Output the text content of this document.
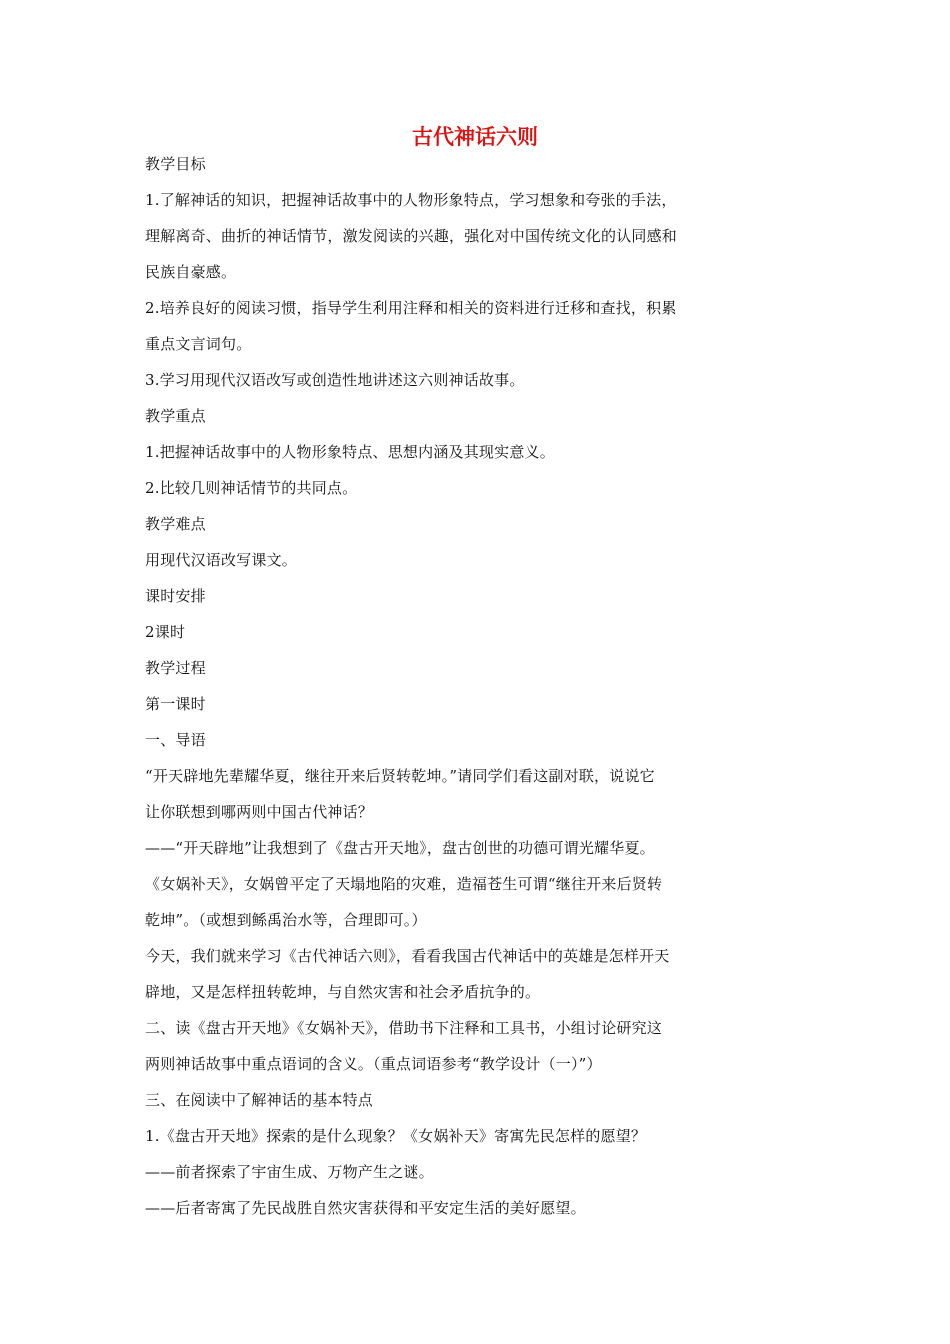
古代神话六则
教学目标
1.了解神话的知识，把握神话故事中的人物形象特点，学习想象和夸张的手法，
理解离奇、曲折的神话情节，激发阅读的兴趣，强化对中国传统文化的认同感和
民族自豪感。
2.培养良好的阅读习惯，指导学生利用注释和相关的资料进行迁移和查找，积累
重点文言词句。
3.学习用现代汉语改写或创造性地讲述这六则神话故事。
教学重点
1.把握神话故事中的人物形象特点、思想内涵及其现实意义。
2.比较几则神话情节的共同点。
教学难点
用现代汉语改写课文。
课时安排
2课时
教学过程
第一课时
一、导语
“开天辟地先辈耀华夏，继往开来后贤转乾坤。”请同学们看这副对联，说说它
让你联想到哪两则中国古代神话？
——“开天辟地”让我想到了《盘古开天地》，盘古创世的功德可谓光耀华夏。
《女娲补天》，女娲曾平定了天塌地陷的灾难，造福苍生可谓“继往开来后贤转
乾坤”。（或想到鲧禹治水等，合理即可。）
今天，我们就来学习《古代神话六则》，看看我国古代神话中的英雄是怎样开天
辟地，又是怎样扭转乾坤，与自然灾害和社会矛盾抗争的。
二、读《盘古开天地》《女娲补天》，借助书下注释和工具书，小组讨论研究这
两则神话故事中重点语词的含义。（重点词语参考“教学设计（一）”）
三、在阅读中了解神话的基本特点
1.《盘古开天地》探索的是什么现象？《女娲补天》寄寓先民怎样的愿望？
——前者探索了宇宙生成、万物产生之谜。
——后者寄寓了先民战胜自然灾害获得和平安定生活的美好愿望。
